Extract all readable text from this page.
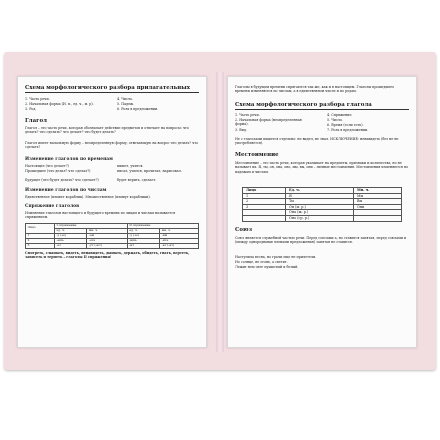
Схема морфологического разбора прилагательных
1. Часть речи.	4. Число.
2. Начальная форма (И. п., ед. ч., м. р).	5. Падеж.
3. Род.	6. Роль в предложении.
Глагол
Глагол – это часть речи, которая обозначает действие предметов и отвечает на вопросы: что делать? что сделать? что делает? что будет делать?
Глагол имеет начальную форму – неопределенную форму, отвечающую на вопрос что делать? что сделать?
Изменение глаголов по временам
Настоящее (что делает?)	пишет, учится.
Прошедшее (что делал? что сделал?)	писал, учился, прочитал, нарисовал.
Будущее (что будет делать? что сделает?)	будет верить, сделает.
Изменение глаголов по числам
Единственное (плывет кораблик). Множественное (плывут кораблики).
Спряжение глаголов
Изменение глаголов настоящего и будущего времени по лицам и числам называется спряжением.
Лицо	I спряжение		II спряжение	
	ед. ч.	мн. ч.	ед. ч.	мн. ч.
1	-у (-ю)	-ем	-у (-ю)	-им
2	-ешь	-ете	-ишь	-ите
3	-ет	-ут (-ют)	-ит	-ат (-ят)
Смотреть, слышать, видеть, ненавидеть, дышать, держать, обидеть, гнать, вертеть, зависеть и терпеть – глаголы II спряжения!
Глаголы в будущем времени спрягаются так же, как и в настоящем. Глаголы прошедшего времени изменяются по числам, а в единственном числе и по родам.
Схема морфологического разбора глагола
1. Часть речи.	4. Спряжение.
2. Начальная форма (неопределенная форма).
5. Число.
6. Время (если есть).
3. Вид.	7. Роль в предложении.
Не с глаголами пишется отдельно: не видел, не знал. ИСКЛЮЧЕНИЕ: ненавидеть (без не не употребляется).
Местоимение
Местоимение – это часть речи, которая указывает на предметы, признаки и количества, но не называет их. Я, ты, он, она, оно, мы, вы, они – личные местоимения. Местоимения изменяются по падежам и числам.
Лицо	Ед. ч.	Мн. ч.
1	Я	Мы
2	Ты	Вы
3	Он (м. р.)	Они
	Она (ж. р.)	
	Оно (ср. р.)	
Союз
Союз является служебной частью речи. Перед союзами а, но ставится запятая, перед союзами и (между однородными членами предложения) запятая не ставится.
Наступила весна, но грачи еще не прилетели.
Но солнце, не огонь, а светит.
Лежит нем снег пушистый и белый.
